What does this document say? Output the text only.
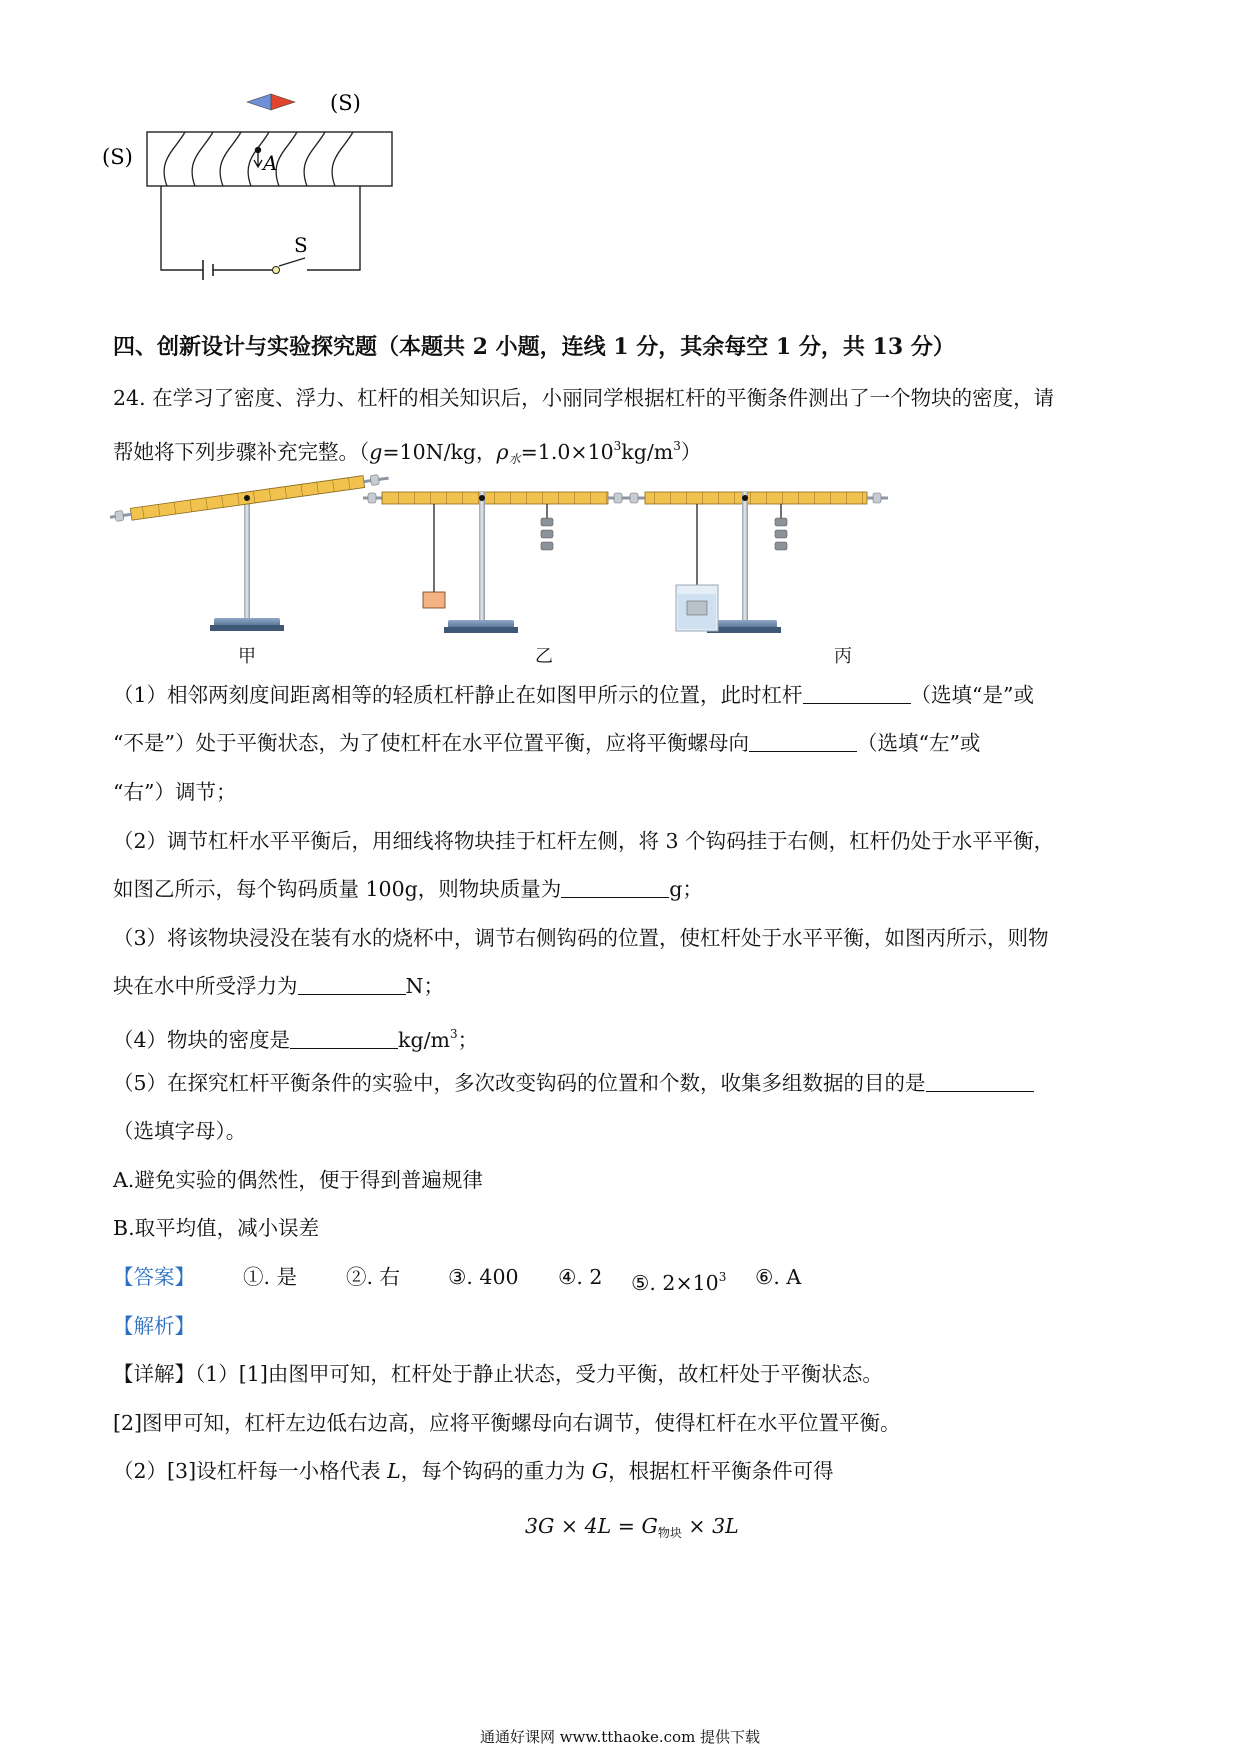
(S)
(S)	A
S
四、创新设计与实验探究题（本题共 2 小题，连线 1 分，其余每空 1 分，共 13 分）
24. 在学习了密度、浮力、杠杆的相关知识后，小丽同学根据杠杆的平衡条件测出了一个物块的密度，请
帮她将下列步骤补充完整。（g=10N/kg，$\rho_水=1.0\times 10^3kg/m^3$）
甲	乙	丙
（1）相邻两刻度间距离相等的轻质杠杆静止在如图甲所示的位置，此时杠杆	（选填“是”或
“不是”）处于平衡状态，为了使杠杆在水平位置平衡，应将平衡螺母向	（选填“左”或
“右”）调节；
（2）调节杠杆水平平衡后，用细线将物块挂于杠杆左侧，将 3 个钩码挂于右侧，杠杆仍处于水平平衡，
如图乙所示，每个钩码质量 100g，则物块质量为	g；
（3）将该物块浸没在装有水的烧杯中，调节右侧钩码的位置，使杠杆处于水平平衡，如图丙所示，则物
块在水中所受浮力为	N；
（4）物块的密度是	$kg/m^3$；
（5）在探究杠杆平衡条件的实验中，多次改变钩码的位置和个数，收集多组数据的目的是
（选填字母）。
A.避免实验的偶然性，便于得到普遍规律
B.取平均值，减小误差
【答案】 ①. 是 ②. 右 ③. 400 ④. 2 ⑤. $2\times 10^3$ ⑥. A
【解析】
【详解】（1）[1]由图甲可知，杠杆处于静止状态，受力平衡，故杠杆处于平衡状态。
[2]图甲可知，杠杆左边低右边高，应将平衡螺母向右调节，使得杠杆在水平位置平衡。
（2）[3]设杠杆每一小格代表 L，每个钩码的重力为 G，根据杠杆平衡条件可得
$3G \times 4L = G_{物块} \times 3L$
通通好课网 www.tthaoke.com 提供下载
